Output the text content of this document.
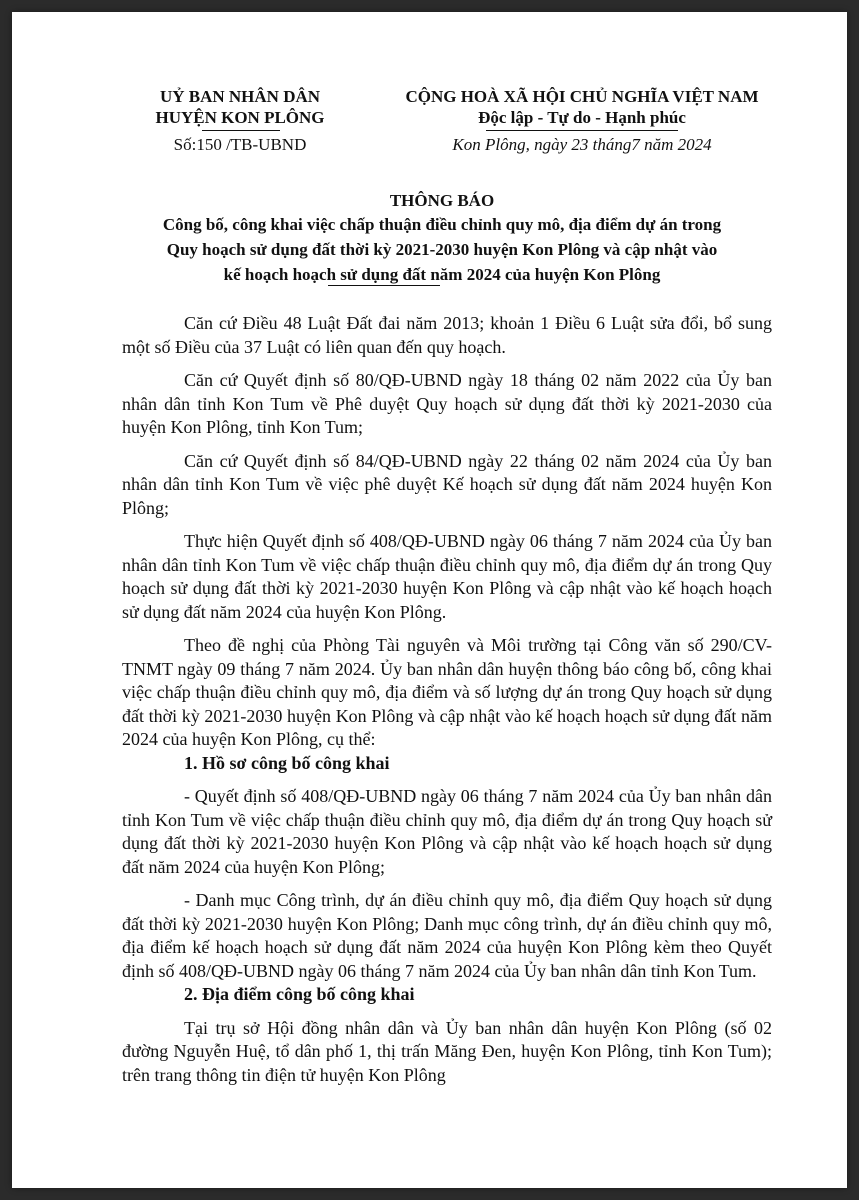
UỶ BAN NHÂN DÂN
HUYỆN KON PLÔNG
Số:150 /TB-UBND
CỘNG HOÀ XÃ HỘI CHỦ NGHĨA VIỆT NAM
Độc lập - Tự do - Hạnh phúc
Kon Plông, ngày 23 tháng7 năm 2024
THÔNG BÁO
Công bố, công khai việc chấp thuận điều chỉnh quy mô, địa điểm dự án trong
Quy hoạch sử dụng đất thời kỳ 2021-2030 huyện Kon Plông và cập nhật vào
kế hoạch hoạch sử dụng đất năm 2024 của huyện Kon Plông

Căn cứ Điều 48 Luật Đất đai năm 2013; khoản 1 Điều 6 Luật sửa đổi, bổ sung một số Điều của 37 Luật có liên quan đến quy hoạch.

Căn cứ Quyết định số 80/QĐ-UBND ngày 18 tháng 02 năm 2022 của Ủy ban nhân dân tỉnh Kon Tum về Phê duyệt Quy hoạch sử dụng đất thời kỳ 2021-2030 của huyện Kon Plông, tỉnh Kon Tum;

Căn cứ Quyết định số 84/QĐ-UBND ngày 22 tháng 02 năm 2024 của Ủy ban nhân dân tỉnh Kon Tum về việc phê duyệt Kế hoạch sử dụng đất năm 2024 huyện Kon Plông;

Thực hiện Quyết định số 408/QĐ-UBND ngày 06 tháng 7 năm 2024 của Ủy ban nhân dân tỉnh Kon Tum về việc chấp thuận điều chỉnh quy mô, địa điểm dự án trong Quy hoạch sử dụng đất thời kỳ 2021-2030 huyện Kon Plông và cập nhật vào kế hoạch hoạch sử dụng đất năm 2024 của huyện Kon Plông.

Theo đề nghị của Phòng Tài nguyên và Môi trường tại Công văn số 290/CV-TNMT ngày 09 tháng 7 năm 2024. Ủy ban nhân dân huyện thông báo công bố, công khai việc chấp thuận điều chỉnh quy mô, địa điểm và số lượng dự án trong Quy hoạch sử dụng đất thời kỳ 2021-2030 huyện Kon Plông và cập nhật vào kế hoạch hoạch sử dụng đất năm 2024 của huyện Kon Plông, cụ thể:

1. Hồ sơ công bố công khai

- Quyết định số 408/QĐ-UBND ngày 06 tháng 7 năm 2024 của Ủy ban nhân dân tỉnh Kon Tum về việc chấp thuận điều chỉnh quy mô, địa điểm dự án trong Quy hoạch sử dụng đất thời kỳ 2021-2030 huyện Kon Plông và cập nhật vào kế hoạch hoạch sử dụng đất năm 2024 của huyện Kon Plông;

- Danh mục Công trình, dự án điều chỉnh quy mô, địa điểm Quy hoạch sử dụng đất thời kỳ 2021-2030 huyện Kon Plông; Danh mục công trình, dự án điều chỉnh quy mô, địa điểm kế hoạch hoạch sử dụng đất năm 2024 của huyện Kon Plông kèm theo Quyết định số 408/QĐ-UBND ngày 06 tháng 7 năm 2024 của Ủy ban nhân dân tỉnh Kon Tum.

2. Địa điểm công bố công khai

Tại trụ sở Hội đồng nhân dân và Ủy ban nhân dân huyện Kon Plông (số 02 đường Nguyễn Huệ, tổ dân phố 1, thị trấn Măng Đen, huyện Kon Plông, tỉnh Kon Tum); trên trang thông tin điện tử huyện Kon Plông
